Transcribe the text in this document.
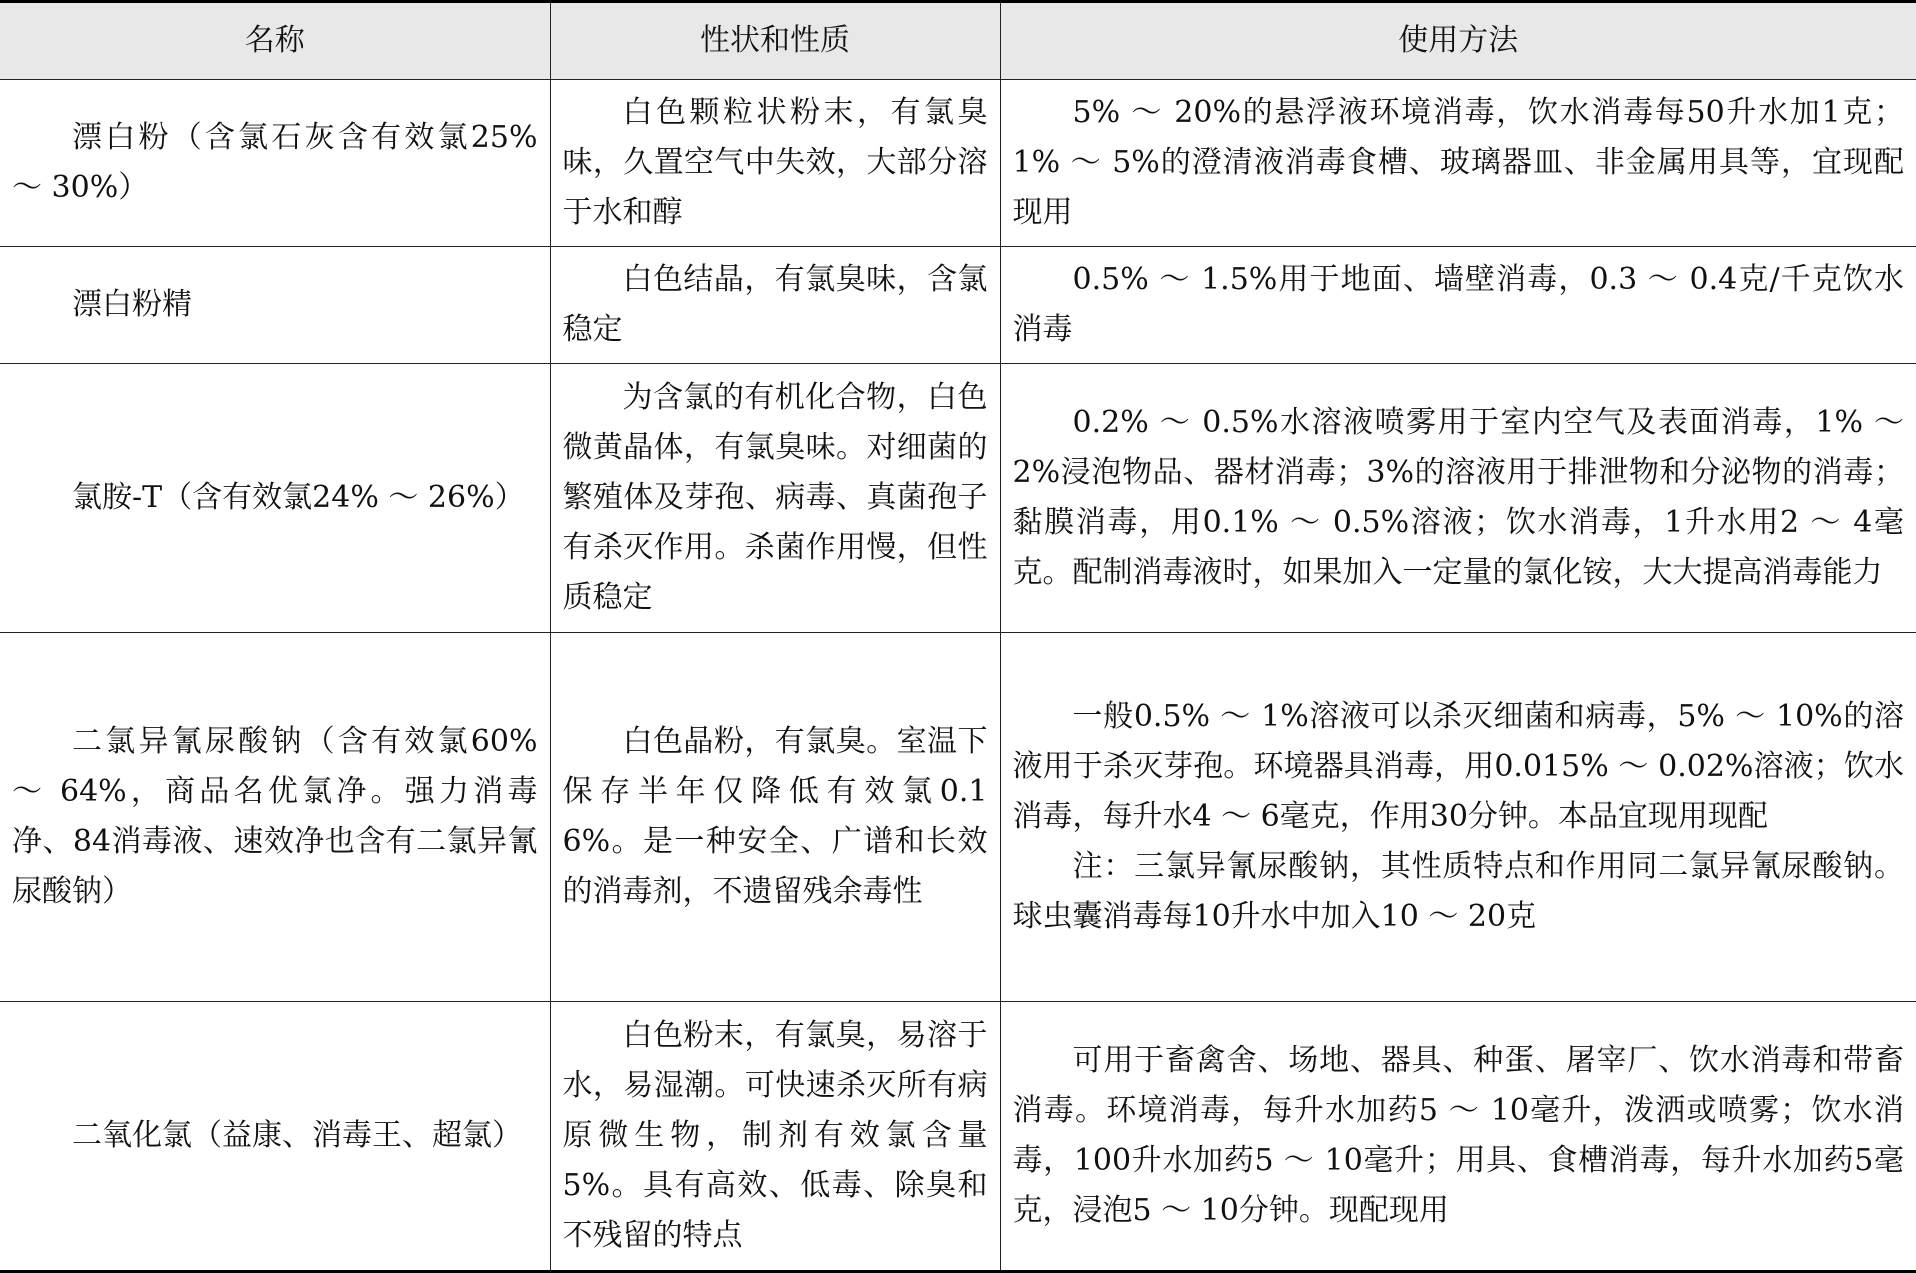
名称	性状和性质	使用方法

漂白粉（含氯石灰含有效氯25% ～ 30%）	白色颗粒状粉末，有氯臭味，久置空气中失效，大部分溶于水和醇	5% ～ 20%的悬浮液环境消毒，饮水消毒每50升水加1克；1% ～ 5%的澄清液消毒食槽、玻璃器皿、非金属用具等，宜现配现用

漂白粉精	白色结晶，有氯臭味，含氯稳定	0.5% ～ 1.5%用于地面、墙壁消毒，0.3 ～ 0.4克/千克饮水消毒

氯胺-T（含有效氯24% ～ 26%）	为含氯的有机化合物，白色微黄晶体，有氯臭味。对细菌的繁殖体及芽孢、病毒、真菌孢子有杀灭作用。杀菌作用慢，但性质稳定	0.2% ～ 0.5%水溶液喷雾用于室内空气及表面消毒，1% ～ 2%浸泡物品、器材消毒；3%的溶液用于排泄物和分泌物的消毒；黏膜消毒，用0.1% ～ 0.5%溶液；饮水消毒，1升水用2 ～ 4毫克。配制消毒液时，如果加入一定量的氯化铵，大大提高消毒能力

二氯异氰尿酸钠（含有效氯60% ～ 64%，商品名优氯净。强力消毒净、84消毒液、速效净也含有二氯异氰尿酸钠）	白色晶粉，有氯臭。室温下保存半年仅降低有效氯0.16%。是一种安全、广谱和长效的消毒剂，不遗留残余毒性	一般0.5% ～ 1%溶液可以杀灭细菌和病毒，5% ～ 10%的溶液用于杀灭芽孢。环境器具消毒，用0.015% ～ 0.02%溶液；饮水消毒，每升水4 ～ 6毫克，作用30分钟。本品宜现用现配
注：三氯异氰尿酸钠，其性质特点和作用同二氯异氰尿酸钠。球虫囊消毒每10升水中加入10 ～ 20克

二氧化氯（益康、消毒王、超氯）	白色粉末，有氯臭，易溶于水，易湿潮。可快速杀灭所有病原微生物，制剂有效氯含量5%。具有高效、低毒、除臭和不残留的特点	可用于畜禽舍、场地、器具、种蛋、屠宰厂、饮水消毒和带畜消毒。环境消毒，每升水加药5 ～ 10毫升，泼洒或喷雾；饮水消毒，100升水加药5 ～ 10毫升；用具、食槽消毒，每升水加药5毫克，浸泡5 ～ 10分钟。现配现用
